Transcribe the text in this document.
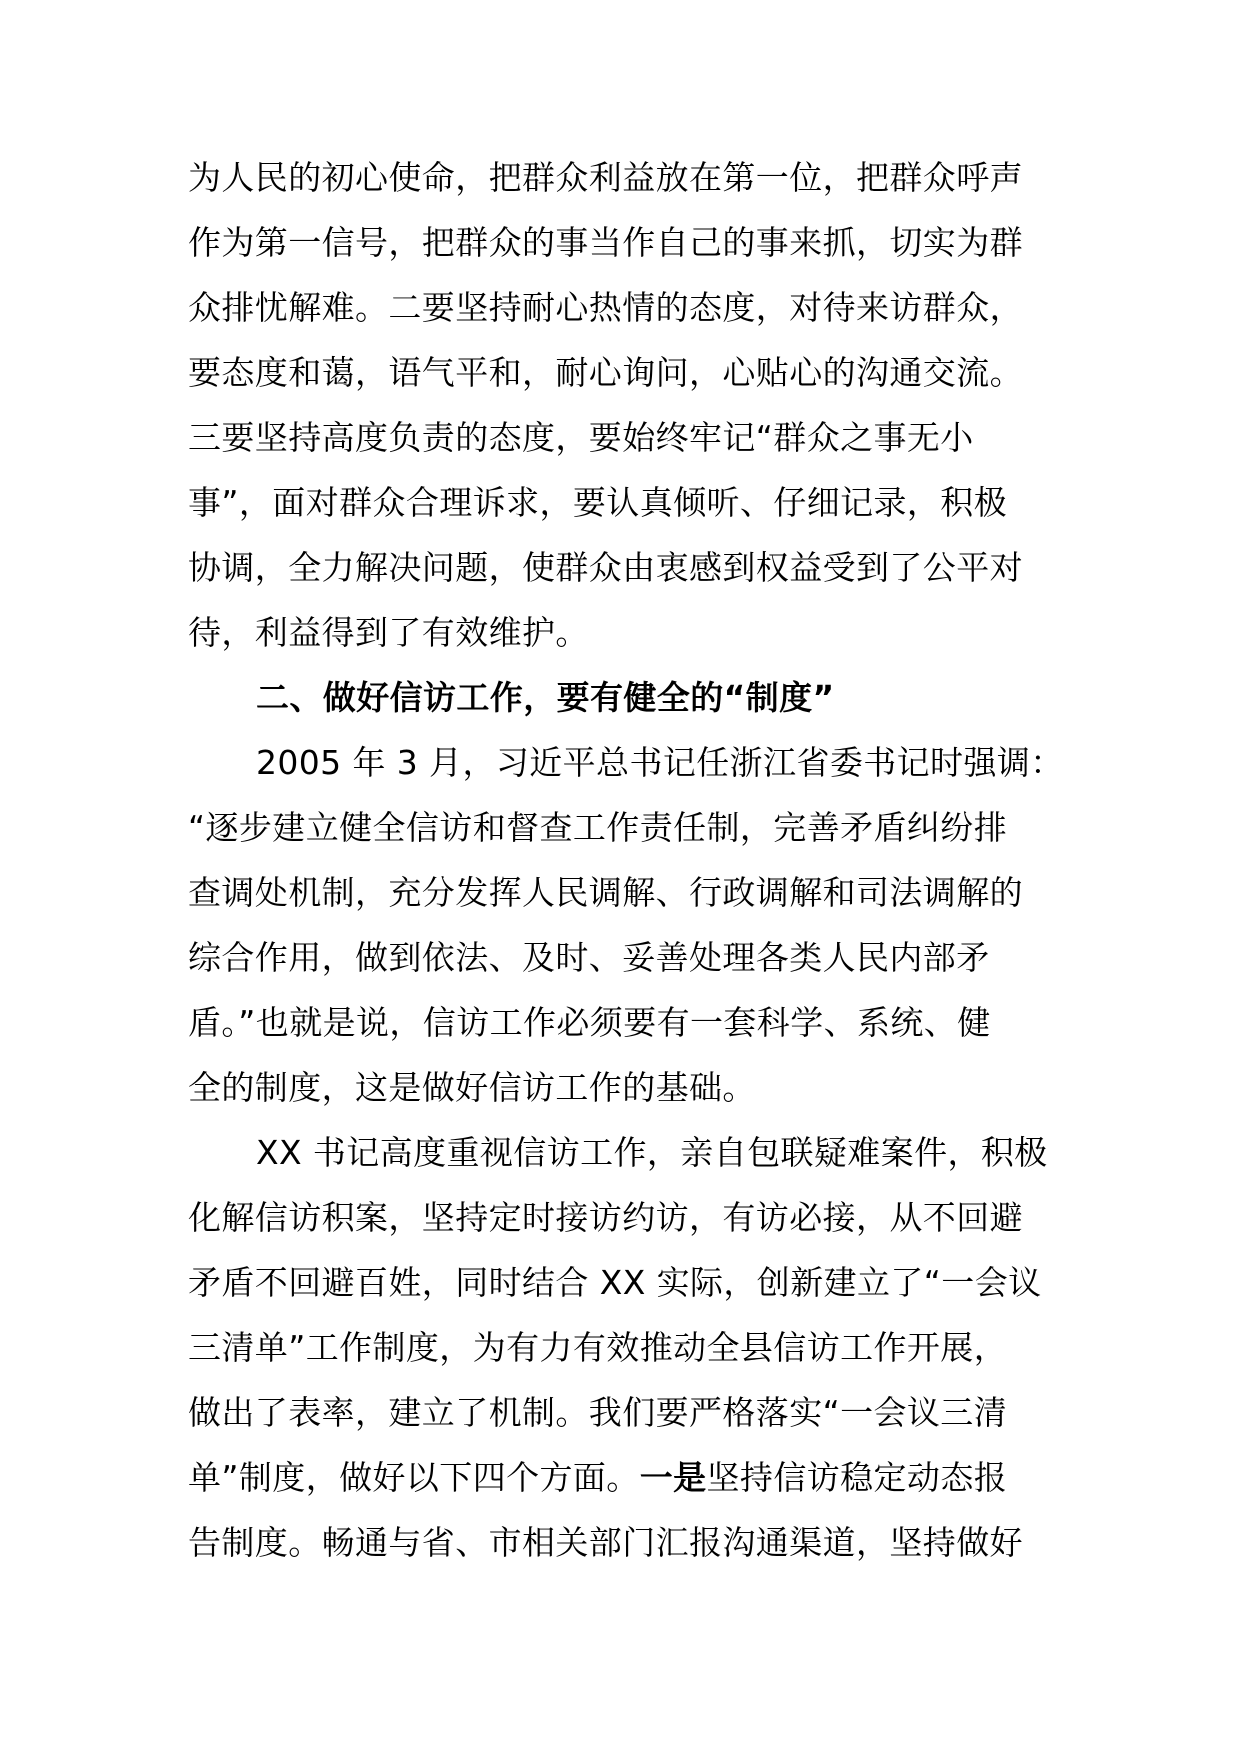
为人民的初心使命，把群众利益放在第一位，把群众呼声
作为第一信号，把群众的事当作自己的事来抓，切实为群
众排忧解难。二要坚持耐心热情的态度，对待来访群众，
要态度和蔼，语气平和，耐心询问，心贴心的沟通交流。
三要坚持高度负责的态度，要始终牢记“群众之事无小
事”，面对群众合理诉求，要认真倾听、仔细记录，积极
协调，全力解决问题，使群众由衷感到权益受到了公平对
待，利益得到了有效维护。
二、做好信访工作，要有健全的“制度”
2005 年 3 月，习近平总书记任浙江省委书记时强调：
“逐步建立健全信访和督查工作责任制，完善矛盾纠纷排
查调处机制，充分发挥人民调解、行政调解和司法调解的
综合作用，做到依法、及时、妥善处理各类人民内部矛
盾。”也就是说，信访工作必须要有一套科学、系统、健
全的制度，这是做好信访工作的基础。
XX 书记高度重视信访工作，亲自包联疑难案件，积极
化解信访积案，坚持定时接访约访，有访必接，从不回避
矛盾不回避百姓，同时结合 XX 实际，创新建立了“一会议
三清单”工作制度，为有力有效推动全县信访工作开展，
做出了表率，建立了机制。我们要严格落实“一会议三清
单”制度，做好以下四个方面。一是坚持信访稳定动态报
告制度。畅通与省、市相关部门汇报沟通渠道，坚持做好
